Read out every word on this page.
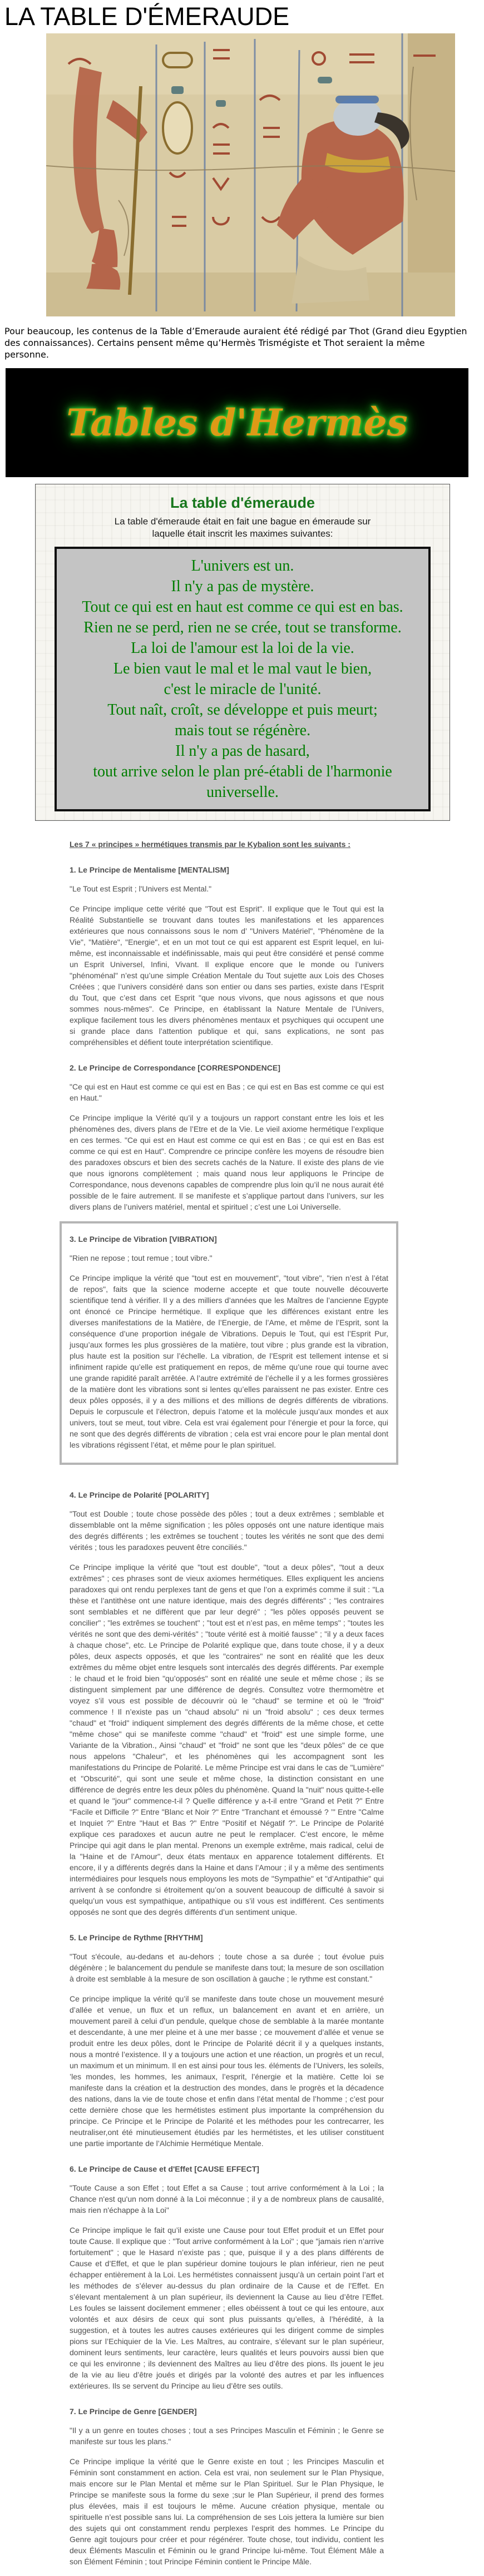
LA TABLE D'ÉMERAUDE

Pour beaucoup, les contenus de la Table d’Emeraude auraient été rédigé par Thot (Grand dieu Egyptien des connaissances). Certains pensent même qu’Hermès Trismégiste et Thot seraient la même personne.

Tables d'Hermès
La table d'émeraude
La table d'émeraude était en fait une bague en émeraude sur laquelle était inscrit les maximes suivantes:
L'univers est un.
Il n'y a pas de mystère.
Tout ce qui est en haut est comme ce qui est en bas.
Rien ne se perd, rien ne se crée, tout se transforme.
La loi de l'amour est la loi de la vie.
Le bien vaut le mal et le mal vaut le bien,
c'est le miracle de l'unité.
Tout naît, croît, se développe et puis meurt;
mais tout se régénère.
Il n'y a pas de hasard,
tout arrive selon le plan pré-établi de l'harmonie
universelle.

Les 7 « principes » hermétiques transmis par le Kybalion sont les suivants :

1. Le Principe de Mentalisme [MENTALISM]

"Le Tout est Esprit ; l'Univers est Mental."

Ce Principe implique cette vérité que "Tout est Esprit". Il explique que le Tout qui est la Réalité Substantielle se trouvant dans toutes les manifestations et les apparences extérieures que nous connaissons sous le nom d’ "Univers Matériel", "Phénomène de la Vie", "Matière", "Energie", et en un mot tout ce qui est apparent est Esprit lequel, en lui-même, est inconnaissable et indéfinissable, mais qui peut être considéré et pensé comme un Esprit Universel, Infini, Vivant. Il explique encore que le monde ou l’univers "phénoménal" n’est qu’une simple Création Mentale du Tout sujette aux Lois des Choses Créées ; que l’univers considéré dans son entier ou dans ses parties, existe dans l’Esprit du Tout, que c’est dans cet Esprit "que nous vivons, que nous agissons et que nous sommes nous-mêmes". Ce Principe, en établissant la Nature Mentale de l’Univers, explique facilement tous les divers phénomènes mentaux et psychiques qui occupent une si grande place dans l’attention publique et qui, sans explications, ne sont pas compréhensibles et défient toute interprétation scientifique.

2. Le Principe de Correspondance [CORRESPONDENCE]

"Ce qui est en Haut est comme ce qui est en Bas ; ce qui est en Bas est comme ce qui est en Haut."

Ce Principe implique la Vérité qu’il y a toujours un rapport constant entre les lois et les phénomènes des, divers plans de l’Etre et de la Vie. Le vieil axiome hermétique l’explique en ces termes. "Ce qui est en Haut est comme ce qui est en Bas ; ce qui est en Bas est comme ce qui est en Haut". Comprendre ce principe confère les moyens de résoudre bien des paradoxes obscurs et bien des secrets cachés de la Nature. Il existe des plans de vie que nous ignorons complètement ; mais quand nous leur appliquons le Principe de Correspondance, nous devenons capables de comprendre plus loin qu’il ne nous aurait été possible de le faire autrement. Il se manifeste et s’applique partout dans l’univers, sur les divers plans de l’univers matériel, mental et spirituel ; c’est une Loi Universelle.

3. Le Principe de Vibration [VIBRATION]

"Rien ne repose ; tout remue ; tout vibre."

Ce Principe implique la vérité que "tout est en mouvement", "tout vibre", "rien n’est à l’état de repos", faits que la science moderne accepte et que toute nouvelle découverte scientifique tend à vérifier. Il y a des milliers d’années que les Maîtres de l’ancienne Egypte ont énoncé ce Principe hermétique. Il explique que les différences existant entre les diverses manifestations de la Matière, de l’Energie, de l’Ame, et même de l’Esprit, sont la conséquence d’une proportion inégale de Vibrations. Depuis le Tout, qui est l’Esprit Pur, jusqu’aux formes les plus grossières de la matière, tout vibre ; plus grande est la vibration, plus haute est la position sur l’échelle. La vibration, de l’Esprit est tellement intense et si infiniment rapide qu’elle est pratiquement en repos, de même qu’une roue qui tourne avec une grande rapidité paraît arrêtée. A l’autre extrémité de l’échelle il y a les formes grossières de la matière dont les vibrations sont si lentes qu’elles paraissent ne pas exister. Entre ces deux pôles opposés, il y a des millions et des millions de degrés différents de vibrations. Depuis le corpuscule et l’électron, depuis l’atome et la molécule jusqu’aux mondes et aux univers, tout se meut, tout vibre. Cela est vrai également pour l’énergie et pour la force, qui ne sont que des degrés différents de vibration ; cela est vrai encore pour le plan mental dont les vibrations régissent l’état, et même pour le plan spirituel.

4. Le Principe de Polarité [POLARITY]

"Tout est Double ; toute chose possède des pôles ; tout a deux extrêmes ; semblable et dissemblable ont la même signification ; les pôles opposés ont une nature identique mais des degrés différents ; les extrêmes se touchent ; toutes les vérités ne sont que des demi vérités ; tous les paradoxes peuvent être conciliés."

Ce Principe implique la vérité que "tout est double", "tout a deux pôles", "tout a deux extrêmes" ; ces phrases sont de vieux axiomes hermétiques. Elles expliquent les anciens paradoxes qui ont rendu perplexes tant de gens et que l’on a exprimés comme il suit : "La thèse et l’antithèse ont une nature identique, mais des degrés différents" ; "les contraires sont semblables et ne diffèrent que par leur degré" ; "les pôles opposés peuvent se concilier" ; "les extrêmes se touchent" ; "tout est et n’est pas, en même temps" ; "toutes les vérités ne sont que des demi-vérités" ; "toute vérité est à moitié fausse" ; "il y a deux faces à chaque chose", etc. Le Principe de Polarité explique que, dans toute chose, il y a deux pôles, deux aspects opposés, et que les "contraires" ne sont en réalité que les deux extrêmes du même objet entre lesquels sont intercalés des degrés différents. Par exemple : le chaud et le froid bien "qu’opposés" sont en réalité une seule et même chose ; ils se distinguent simplement par une différence de degrés. Consultez votre thermomètre et voyez s’il vous est possible de découvrir où le "chaud" se termine et où le "froid" commence ! Il n’existe pas un "chaud absolu" ni un "froid absolu" ; ces deux termes "chaud" et "froid" indiquent simplement des degrés différents de la même chose, et cette "même chose" qui se manifeste comme "chaud" et "froid" est une simple forme, une Variante de la Vibration., Ainsi "chaud" et "froid" ne sont que les "deux pôles" de ce que nous appelons "Chaleur", et les phénomènes qui les accompagnent sont les manifestations du Principe de Polarité. Le même Principe est vrai dans le cas de "Lumière" et "Obscurité", qui sont une seule et même chose, la distinction consistant en une différence de degrés entre les deux pôles du phénomène. Quand la "nuit" nous quitte-t-elle et quand le "jour" commence-t-il ? Quelle différence y a-t-il entre "Grand et Petit ?" Entre "Facile et Difficile ?" Entre "Blanc et Noir ?" Entre "Tranchant et émoussé ? ’" Entre "Calme et Inquiet ?" Entre "Haut et Bas ?" Entre "Positif et Négatif ?". Le Principe de Polarité explique ces paradoxes et aucun autre ne peut le remplacer. C’est encore, le même Principe qui agit dans le plan mental. Prenons un exemple extrême, mais radical, celui de la "Haine et de l’Amour", deux états mentaux en apparence totalement différents. Et encore, il y a différents degrés dans la Haine et dans l’Amour ; il y a même des sentiments intermédiaires pour lesquels nous employons les mots de "Sympathie" et "d’Antipathie" qui arrivent à se confondre si étroitement qu’on a souvent beaucoup de difficulté à savoir si quelqu’un vous est sympathique, antipathique ou s’il vous est indifférent. Ces sentiments opposés ne sont que des degrés différents d’un sentiment unique.

5. Le Principe de Rythme [RHYTHM]

"Tout s'écoule, au-dedans et au-dehors ; toute chose a sa durée ; tout évolue puis dégénère ; le balancement du pendule se manifeste dans tout; la mesure de son oscillation à droite est semblable à la mesure de son oscillation à gauche ; le rythme est constant."

Ce principe implique la vérité qu’il se manifeste dans toute chose un mouvement mesuré d’allée et venue, un flux et un reflux, un balancement en avant et en arrière, un mouvement pareil à celui d’un pendule, quelque chose de semblable à la marée montante et descendante, à une mer pleine et à une mer basse ; ce mouvement d’allée et venue se produit entre les deux pôles, dont le Principe de Polarité décrit il y a quelques instants, nous a montré l’existence. Il y a toujours une action et une réaction, un progrès et un recul, un maximum et un minimum. Il en est ainsi pour tous les. éléments de l’Univers, les soleils, ’les mondes, les hommes, les animaux, l’esprit, l’énergie et la matière. Cette loi se manifeste dans la création et la destruction des mondes, dans le progrès et la décadence des nations, dans la vie de toute chose et enfin dans l’état mental de l’homme ; c’est pour cette dernière chose que les hermétistes estiment plus importante la compréhension du principe. Ce Principe et le Principe de Polarité et les méthodes pour les contrecarrer, les neutraliser,ont été minutieusement étudiés par les hermétistes, et les utiliser constituent une partie importante de l’Alchimie Hermétique Mentale.

6. Le Principe de Cause et d'Effet [CAUSE EFFECT]

"Toute Cause a son Effet ; tout Effet a sa Cause ; tout arrive conformément à la Loi ; la Chance n'est qu'un nom donné à la Loi méconnue ; il y a de nombreux plans de causalité, mais rien n'échappe à la Loi"

Ce Principe implique le fait qu’il existe une Cause pour tout Effet produit et un Effet pour toute Cause. Il explique que : "Tout arrive conformément à la Loi" ; que "jamais rien n’arrive fortuitement" ; que le Hasard n’existe pas ; que, puisque il y a des plans différents de Cause et d’Effet, et que le plan supérieur domine toujours le plan inférieur, rien ne peut échapper entièrement à la Loi. Les hermétistes connaissent jusqu’à un certain point l’art et les méthodes de s’élever au-dessus du plan ordinaire de la Cause et de l’Effet. En s’élevant mentalement à un plan supérieur, ils deviennent la Cause au lieu d’être l’Effet. Les foules se laissent docilement emmener ; elles obéissent à tout ce qui les entoure, aux volontés et aux désirs de ceux qui sont plus puissants qu’elles, à l’hérédité, à la suggestion, et à toutes les autres causes extérieures qui les dirigent comme de simples pions sur l’Echiquier de la Vie. Les Maîtres, au contraire, s’élevant sur le plan supérieur, dominent leurs sentiments, leur caractère, leurs qualités et leurs pouvoirs aussi bien que ce qui les environne ; ils deviennent des Maîtres au lieu d’être des pions. Ils jouent le jeu de la vie au lieu d’être joués et dirigés par la volonté des autres et par les influences extérieures. Ils se servent du Principe au lieu d’être ses outils.

7. Le Principe de Genre [GENDER]

"Il y a un genre en toutes choses ; tout a ses Principes Masculin et Féminin ; le Genre se manifeste sur tous les plans."

Ce Principe implique la vérité que le Genre existe en tout ; les Principes Masculin et Féminin sont constamment en action. Cela est vrai, non seulement sur le Plan Physique, mais encore sur le Plan Mental et même sur le Plan Spirituel. Sur le Plan Physique, le Principe se manifeste sous la forme du sexe ;sur le Plan Supérieur, il prend des formes plus élevées, mais il est toujours le même. Aucune création physique, mentale ou spirituelle n’est possible sans lui. La compréhension de ses Lois jettera la lumière sur bien des sujets qui ont constamment rendu perplexes l’esprit des hommes. Le Principe du Genre agit toujours pour créer et pour régénérer. Toute chose, tout individu, contient les deux Éléments Masculin et Féminin ou le grand Principe lui-même. Tout Élément Mâle a son Élément Féminin ; tout Principe Féminin contient le Principe Mâle.
